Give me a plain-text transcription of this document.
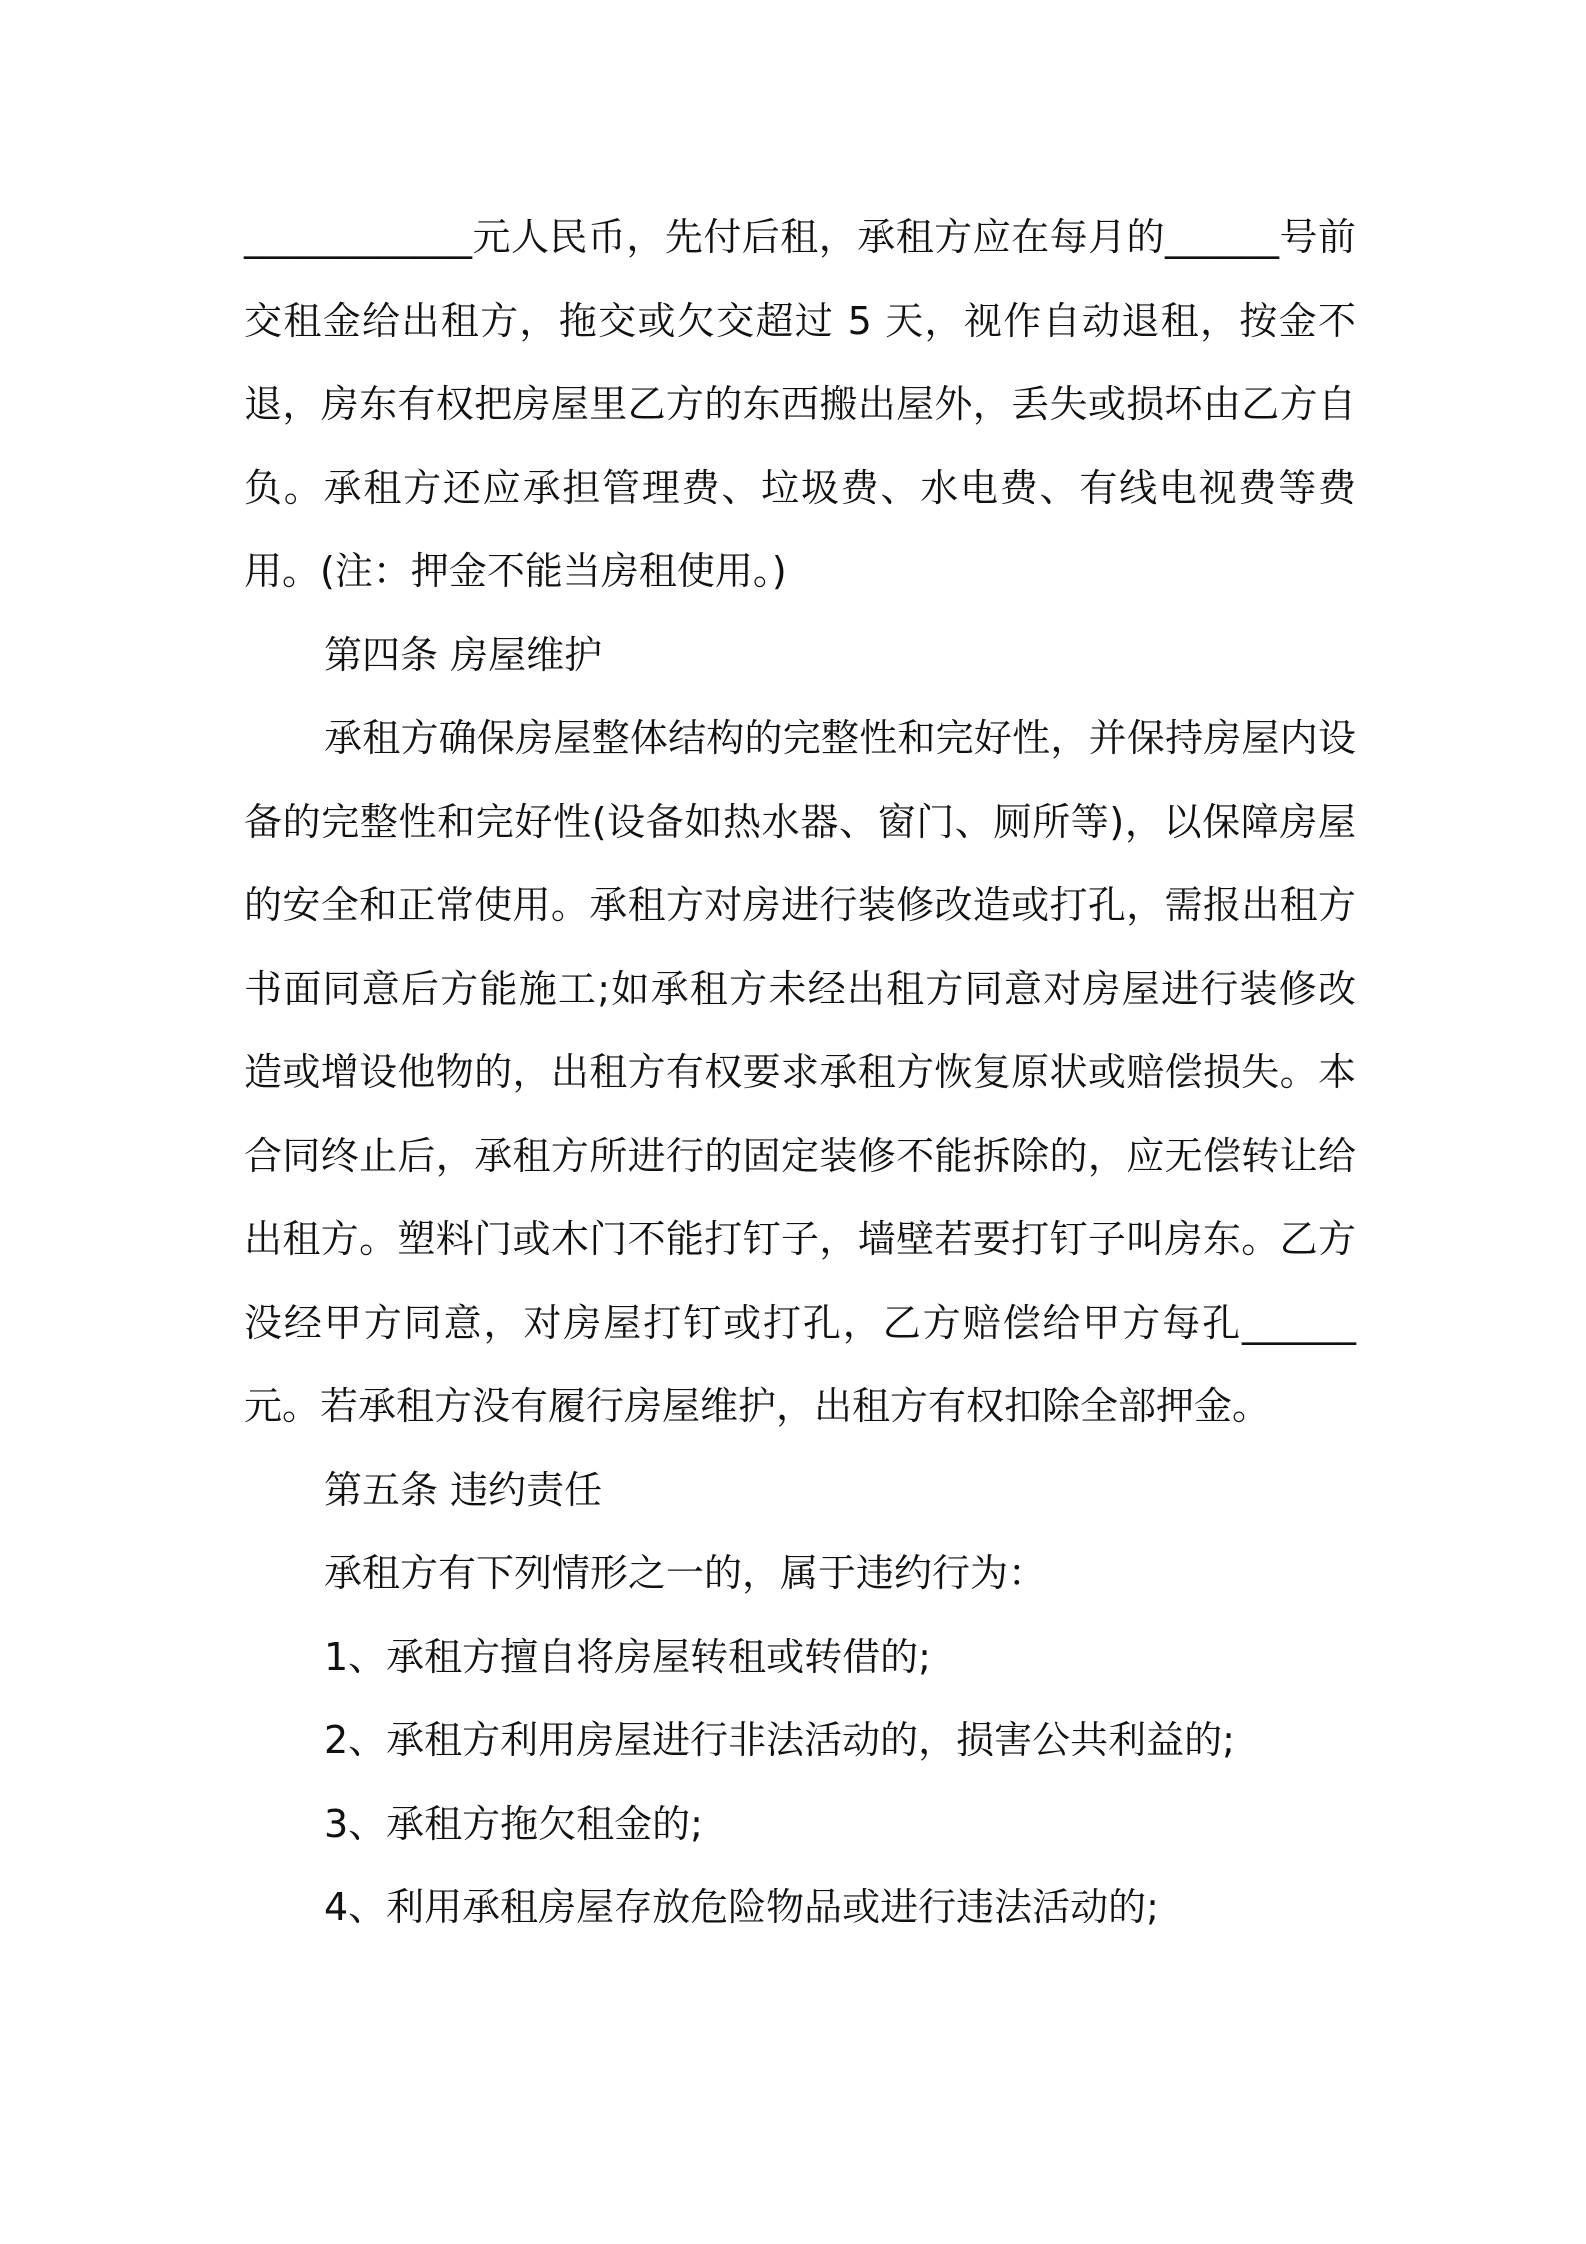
____________元人民币，先付后租，承租方应在每月的______号前交租金给出租方，拖交或欠交超过 5 天，视作自动退租，按金不退，房东有权把房屋里乙方的东西搬出屋外，丢失或损坏由乙方自负。承租方还应承担管理费、垃圾费、水电费、有线电视费等费用。(注：押金不能当房租使用。)

第四条 房屋维护

承租方确保房屋整体结构的完整性和完好性，并保持房屋内设备的完整性和完好性(设备如热水器、窗门、厕所等)，以保障房屋的安全和正常使用。承租方对房进行装修改造或打孔，需报出租方书面同意后方能施工;如承租方未经出租方同意对房屋进行装修改造或增设他物的，出租方有权要求承租方恢复原状或赔偿损失。本合同终止后，承租方所进行的固定装修不能拆除的，应无偿转让给出租方。塑料门或木门不能打钉子，墙壁若要打钉子叫房东。乙方没经甲方同意，对房屋打钉或打孔，乙方赔偿给甲方每孔______元。若承租方没有履行房屋维护，出租方有权扣除全部押金。

第五条 违约责任

承租方有下列情形之一的，属于违约行为：

1、承租方擅自将房屋转租或转借的;

2、承租方利用房屋进行非法活动的，损害公共利益的;

3、承租方拖欠租金的;

4、利用承租房屋存放危险物品或进行违法活动的;
